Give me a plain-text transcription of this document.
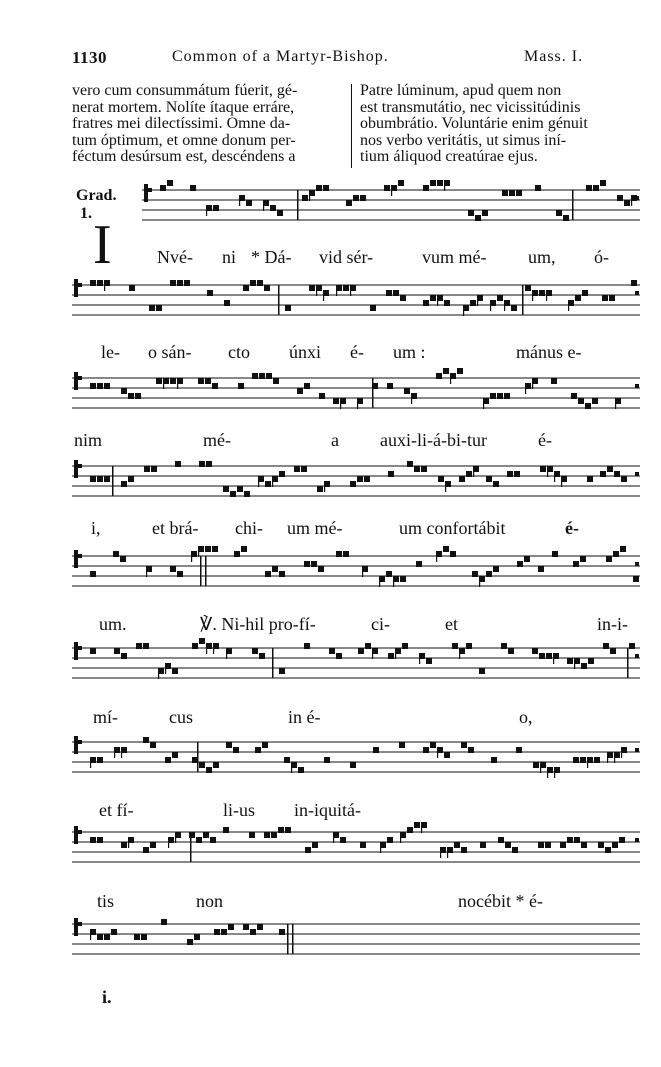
1130	Common of a Martyr-Bishop.	Mass. I.
vero cum consummátum fúerit, gé-
nerat mortem. Nolíte ítaque erráre,
fratres mei dilectíssimi. Omne da-
tum óptimum, et omne donum per-
féctum desúrsum est, descéndens a
Patre lúminum, apud quem non
est transmutátio, nec vicissitúdinis
obumbrátio. Voluntárie enim génuit
nos verbo veritátis, ut simus iní-
tium áliquod creatúrae ejus.
Grad.
1.
I	Nvé- ni * Dá- vid sér-	vum mé- um, ó-
le- o sán- cto únxi é- um :	mánus e-
nim	mé-	a auxi-li-á-bi-tur	é-
i,	et brá- chi- um mé-	um confortábit	é-
um.	℣. Ni-hil pro-fí-	ci-	et	in-i-
mí-	cus	in é-	o,
et fí-	li-us in-iquitá-
tis	non	nocébit * é-
i.
